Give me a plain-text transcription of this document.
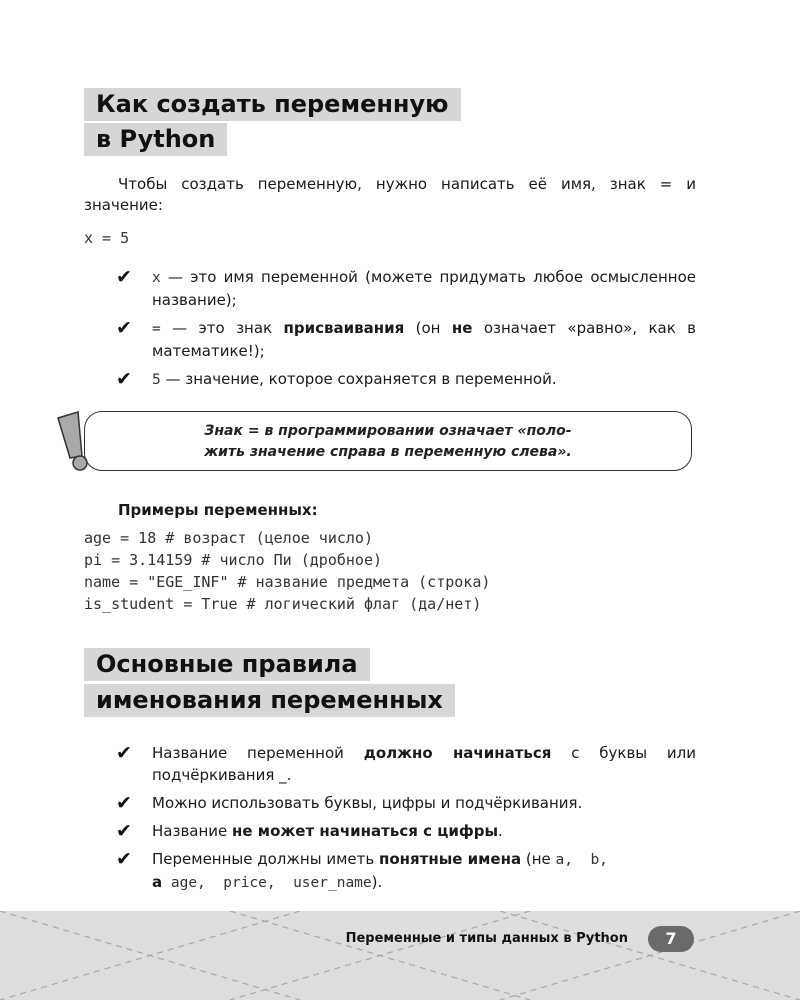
Как создать переменную
в Python
Чтобы создать переменную, нужно написать её имя, знак = и значение:
x = 5
✔ x — это имя переменной (можете придумать любое осмысленное название);
✔ = — это знак присваивания (он не означает «равно», как в математике!);
✔ 5 — значение, которое сохраняется в переменной.
Знак = в программировании означает «поло-
жить значение справа в переменную слева».
Примеры переменных:
age = 18 # возраст (целое число)
pi = 3.14159 # число Пи (дробное)
name = "EGE_INF" # название предмета (строка)
is_student = True # логический флаг (да/нет)
Основные правила
именования переменных
✔ Название переменной должно начинаться с буквы или подчёркивания _.
✔ Можно использовать буквы, цифры и подчёркивания.
✔ Название не может начинаться с цифры.
✔ Переменные должны иметь понятные имена (не a,  b,
а age,  price,  user_name).
Переменные и типы данных в Python	7
